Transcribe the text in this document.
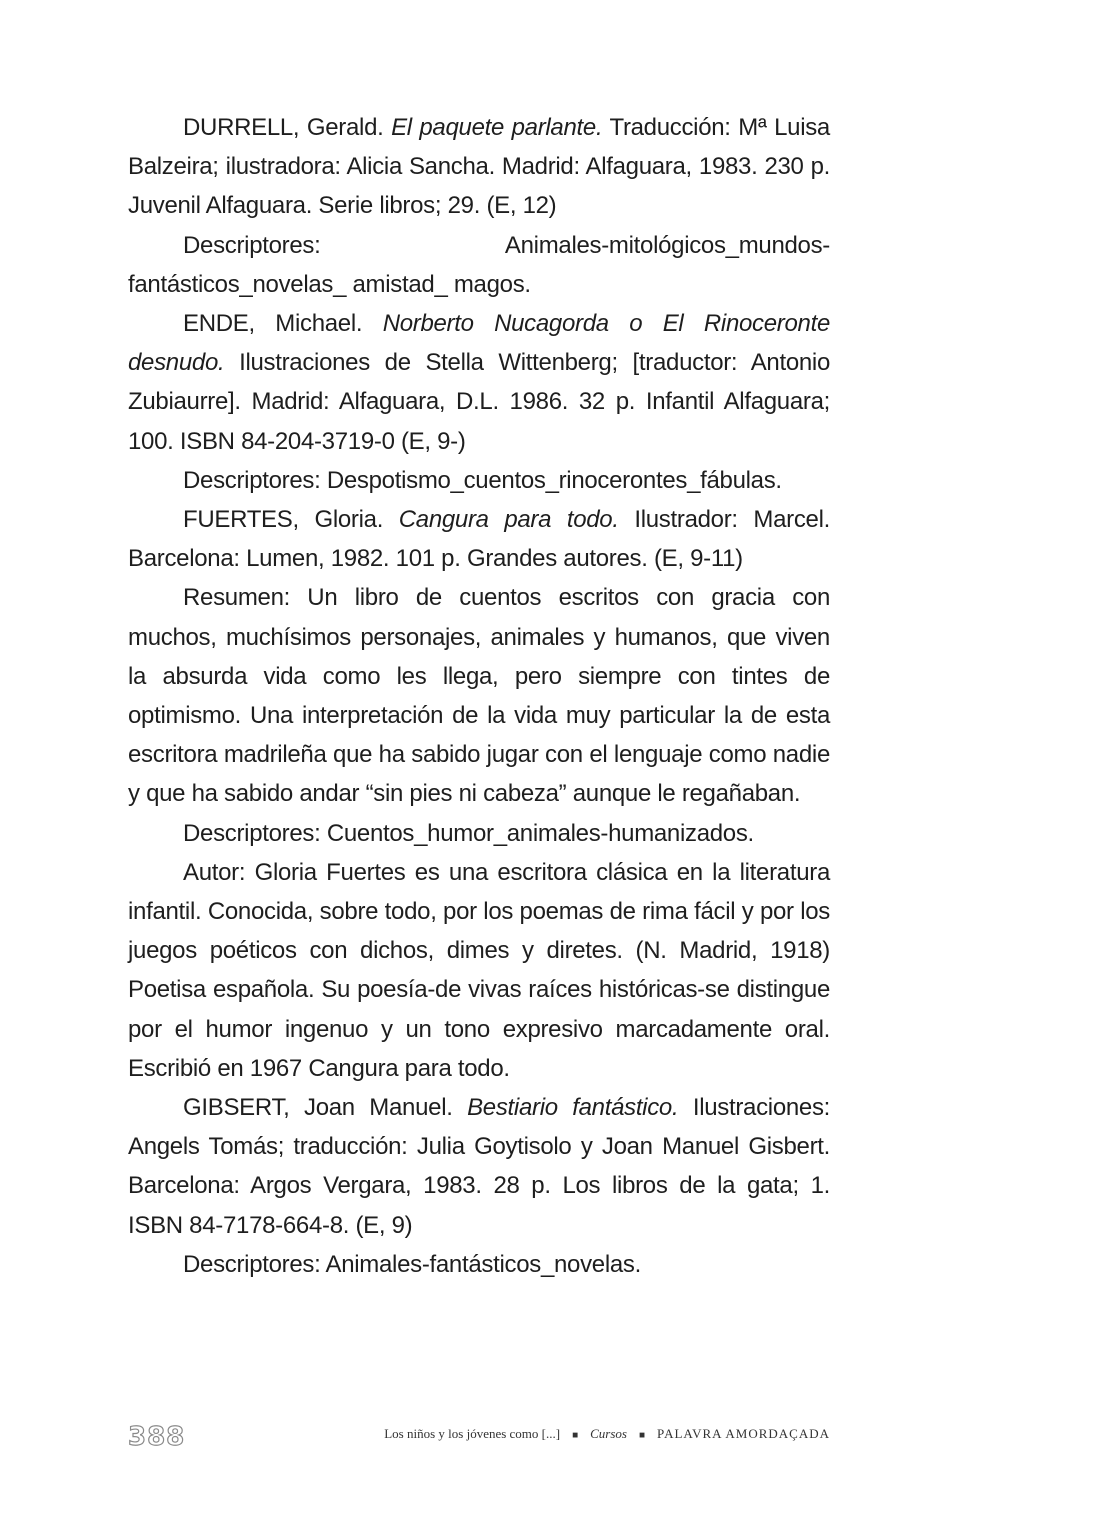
DURRELL, Gerald. El paquete parlante. Traducción: Mª Luisa Balzeira; ilustradora: Alicia Sancha. Madrid: Alfaguara, 1983. 230 p. Juvenil Alfaguara. Serie libros; 29. (E, 12)

Descriptores: Animales-mitológicos_mundos-fantásticos_novelas_ amistad_ magos.

ENDE, Michael. Norberto Nucagorda o El Rinoceronte desnudo. Ilustraciones de Stella Wittenberg; [traductor: Antonio Zubiaurre]. Madrid: Alfaguara, D.L. 1986. 32 p. Infantil Alfaguara; 100. ISBN 84-204-3719-0 (E, 9-)

Descriptores: Despotismo_cuentos_rinocerontes_fábulas.

FUERTES, Gloria. Cangura para todo. Ilustrador: Marcel. Barcelona: Lumen, 1982. 101 p. Grandes autores. (E, 9-11)

Resumen: Un libro de cuentos escritos con gracia con muchos, muchísimos personajes, animales y humanos, que viven la absurda vida como les llega, pero siempre con tintes de optimismo. Una interpretación de la vida muy particular la de esta escritora madrileña que ha sabido jugar con el lenguaje como nadie y que ha sabido andar “sin pies ni cabeza” aunque le regañaban.

Descriptores: Cuentos_humor_animales-humanizados.

Autor: Gloria Fuertes es una escritora clásica en la literatura infantil. Conocida, sobre todo, por los poemas de rima fácil y por los juegos poéticos con dichos, dimes y diretes. (N. Madrid, 1918) Poetisa española. Su poesía-de vivas raíces históricas-se distingue por el humor ingenuo y un tono expresivo marcadamente oral. Escribió en 1967 Cangura para todo.

GIBSERT, Joan Manuel. Bestiario fantástico. Ilustraciones: Angels Tomás; traducción: Julia Goytisolo y Joan Manuel Gisbert. Barcelona: Argos Vergara, 1983. 28 p. Los libros de la gata; 1. ISBN 84-7178-664-8. (E, 9)

Descriptores: Animales-fantásticos_novelas.

388	Los niños y los jóvenes como [...] ■ Cursos ■ PALAVRA AMORDAÇADA
